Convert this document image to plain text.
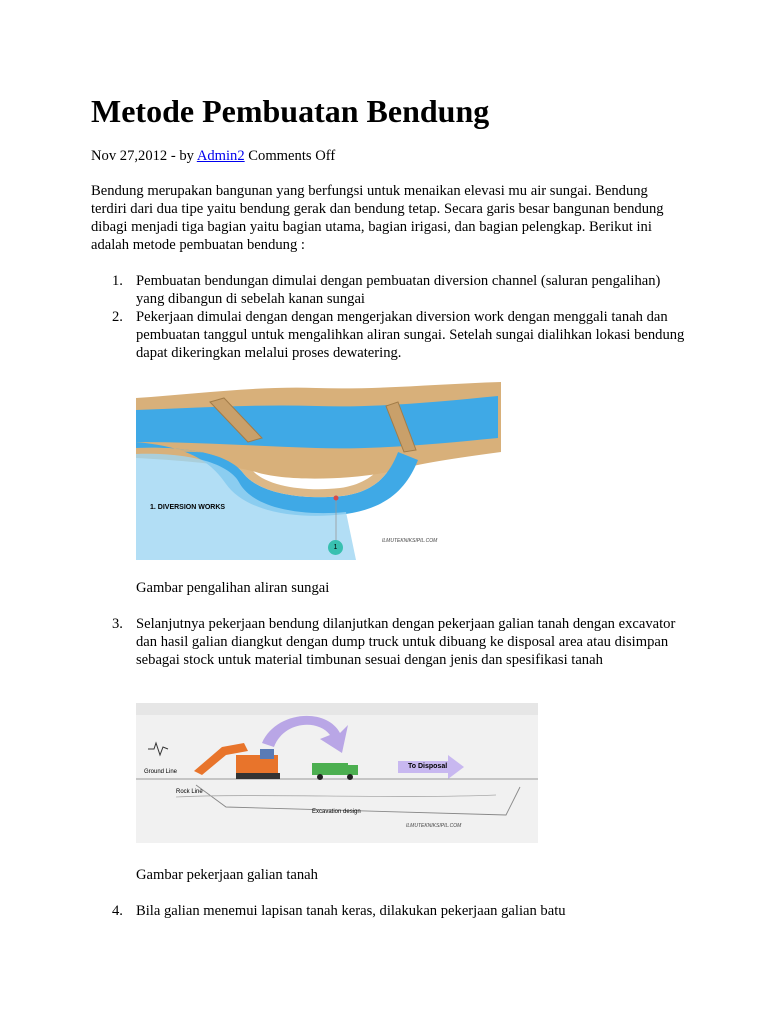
Metode Pembuatan Bendung
Nov 27,2012 - by Admin2 Comments Off

Bendung merupakan bangunan yang berfungsi untuk menaikan elevasi mu air sungai. Bendung terdiri dari dua tipe yaitu bendung gerak dan bendung tetap. Secara garis besar bangunan bendung dibagi menjadi tiga bagian yaitu bagian utama, bagian irigasi, dan bagian pelengkap. Berikut ini adalah metode pembuatan bendung :

1. Pembuatan bendungan dimulai dengan pembuatan diversion channel (saluran pengalihan) yang dibangun di sebelah kanan sungai
2. Pekerjaan dimulai dengan dengan mengerjakan diversion work dengan menggali tanah dan pembuatan tanggul untuk mengalihkan aliran sungai. Setelah sungai dialihkan lokasi bendung dapat dikeringkan melalui proses dewatering.
1. DIVERSION WORKS
1
ILMUTEKNIKSIPIL.COM
Gambar pengalihan aliran sungai
3. Selanjutnya pekerjaan bendung dilanjutkan dengan pekerjaan galian tanah dengan excavator dan hasil galian diangkut dengan dump truck untuk dibuang ke disposal area atau disimpan sebagai stock untuk material timbunan sesuai dengan jenis dan spesifikasi tanah
Ground Line
Rock Line
Excavation design
To Disposal
ILMUTEKNIKSIPIL.COM
Gambar pekerjaan galian tanah
4. Bila galian menemui lapisan tanah keras, dilakukan pekerjaan galian batu
